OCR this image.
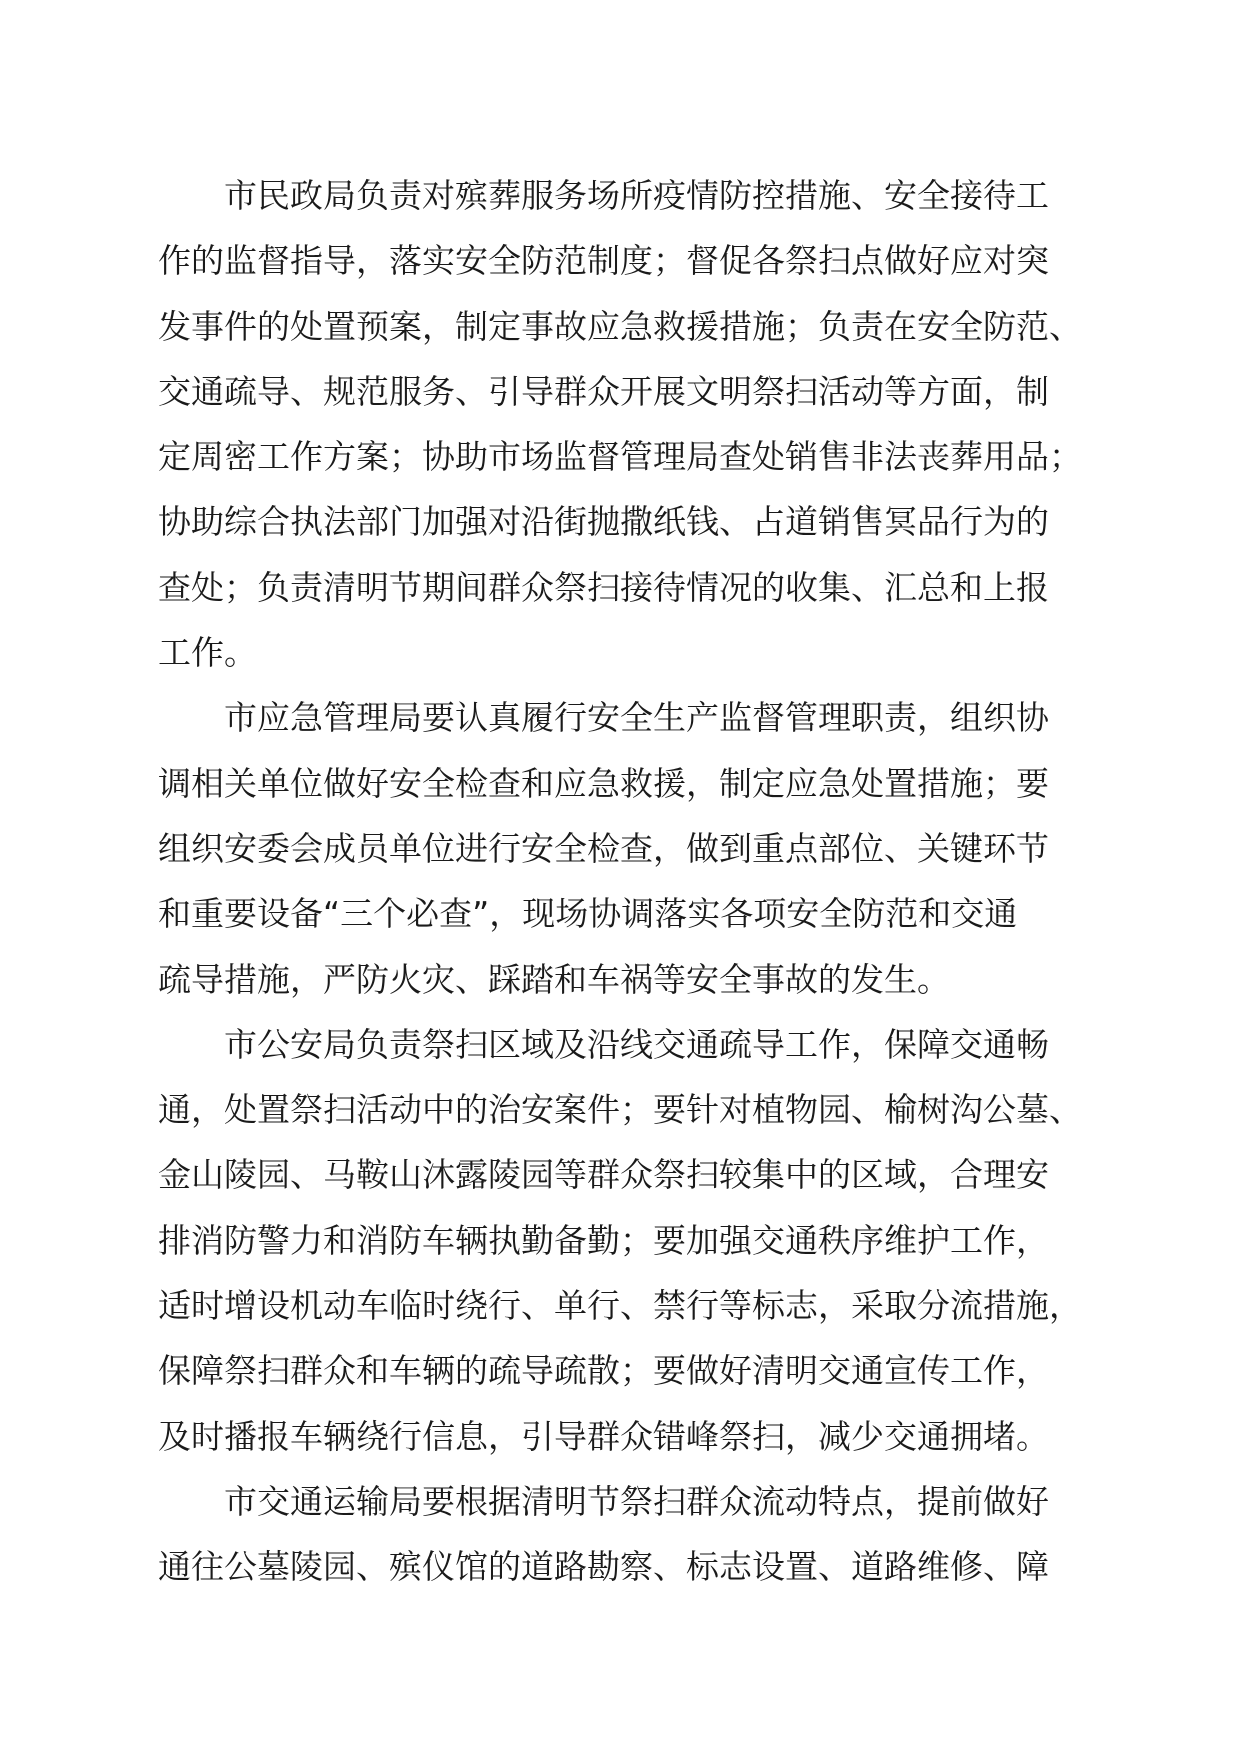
市民政局负责对殡葬服务场所疫情防控措施、安全接待工
作的监督指导，落实安全防范制度；督促各祭扫点做好应对突
发事件的处置预案，制定事故应急救援措施；负责在安全防范、
交通疏导、规范服务、引导群众开展文明祭扫活动等方面，制
定周密工作方案；协助市场监督管理局查处销售非法丧葬用品；
协助综合执法部门加强对沿街抛撒纸钱、占道销售冥品行为的
查处；负责清明节期间群众祭扫接待情况的收集、汇总和上报
工作。
市应急管理局要认真履行安全生产监督管理职责，组织协
调相关单位做好安全检查和应急救援，制定应急处置措施；要
组织安委会成员单位进行安全检查，做到重点部位、关键环节
和重要设备“三个必查”，现场协调落实各项安全防范和交通
疏导措施，严防火灾、踩踏和车祸等安全事故的发生。
市公安局负责祭扫区域及沿线交通疏导工作，保障交通畅
通，处置祭扫活动中的治安案件；要针对植物园、榆树沟公墓、
金山陵园、马鞍山沐露陵园等群众祭扫较集中的区域，合理安
排消防警力和消防车辆执勤备勤；要加强交通秩序维护工作，
适时增设机动车临时绕行、单行、禁行等标志，采取分流措施，
保障祭扫群众和车辆的疏导疏散；要做好清明交通宣传工作，
及时播报车辆绕行信息，引导群众错峰祭扫，减少交通拥堵。
市交通运输局要根据清明节祭扫群众流动特点，提前做好
通往公墓陵园、殡仪馆的道路勘察、标志设置、道路维修、障
